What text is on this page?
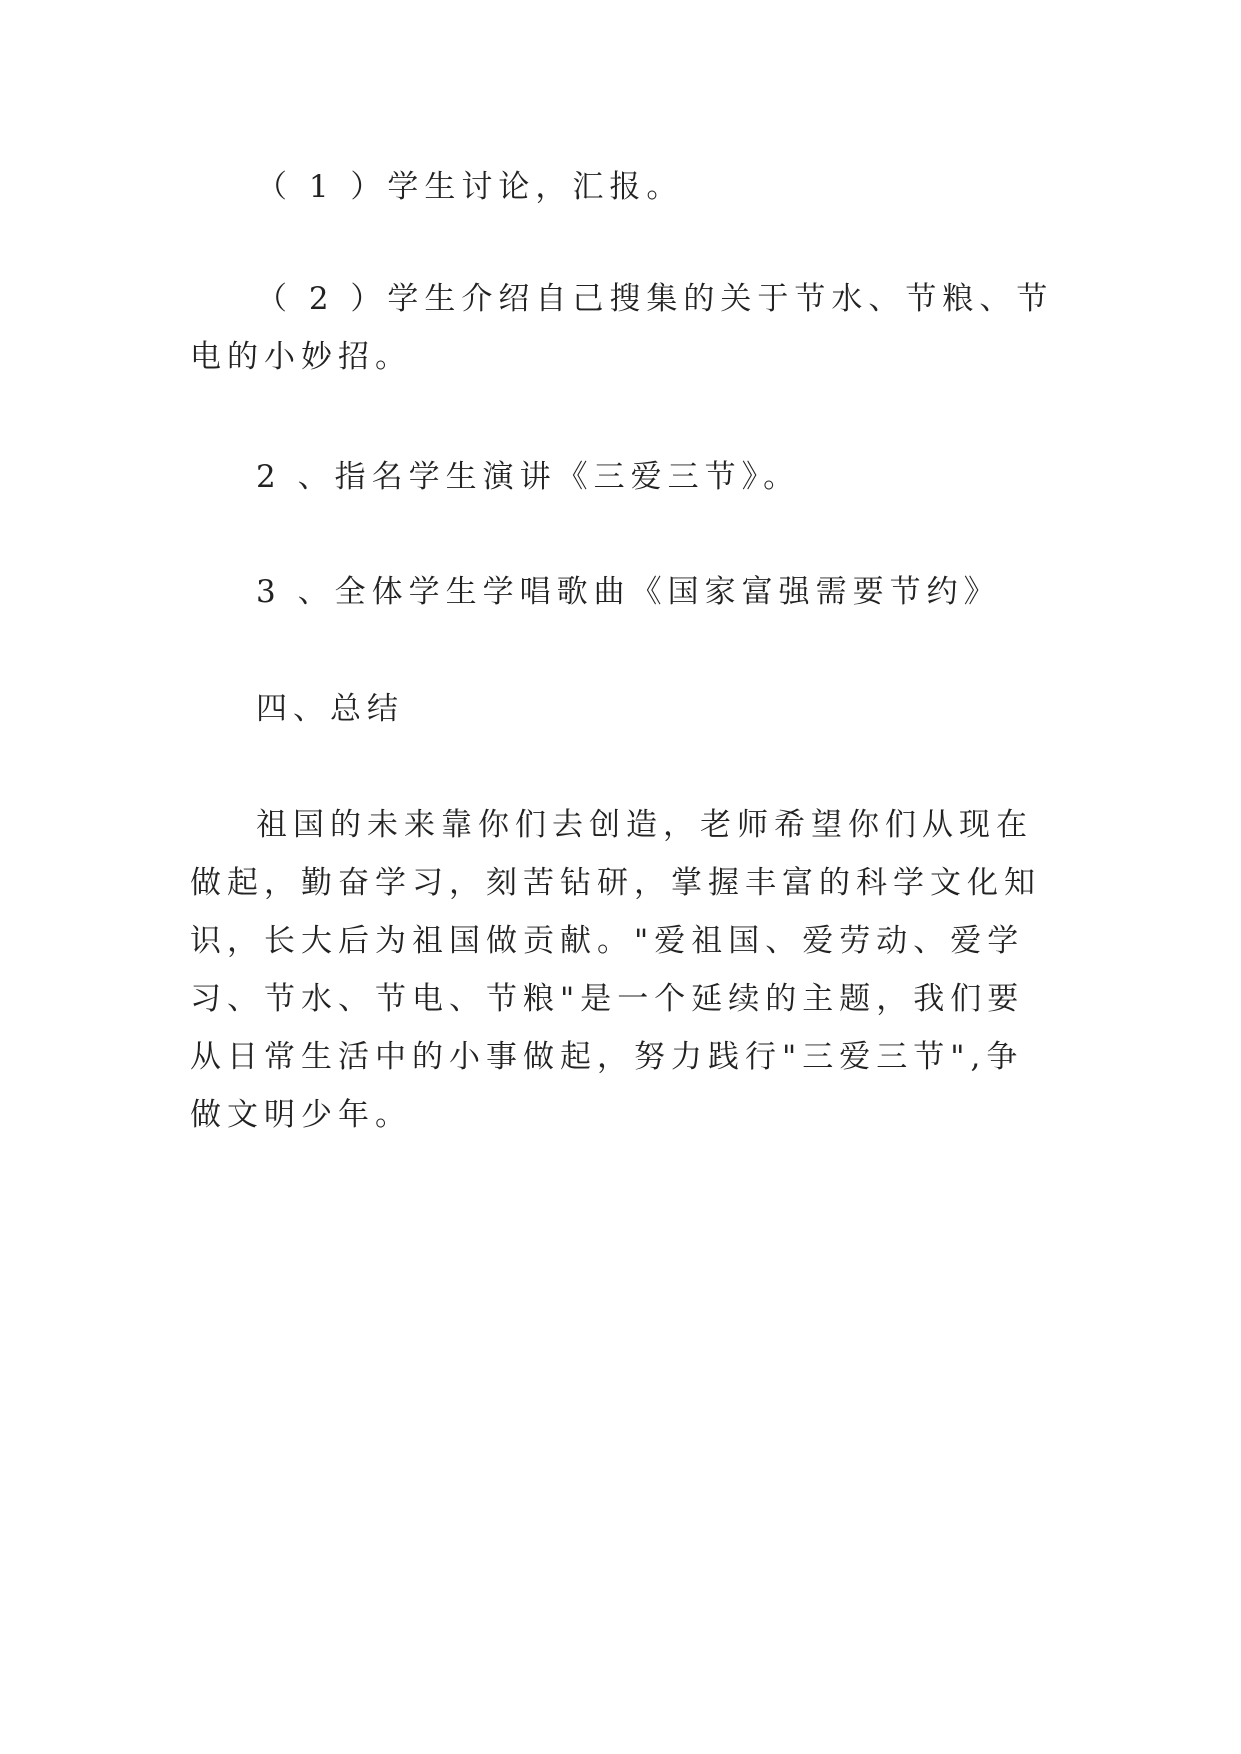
（ 1 ）学生讨论，汇报。

（ 2 ）学生介绍自己搜集的关于节水、节粮、节电的小妙招。

2 、指名学生演讲《三爱三节》。

3 、全体学生学唱歌曲《国家富强需要节约》

四、总结

祖国的未来靠你们去创造，老师希望你们从现在做起，勤奋学习，刻苦钻研，掌握丰富的科学文化知识，长大后为祖国做贡献。"爱祖国、爱劳动、爱学习、节水、节电、节粮"是一个延续的主题，我们要从日常生活中的小事做起，努力践行"三爱三节",争做文明少年。
